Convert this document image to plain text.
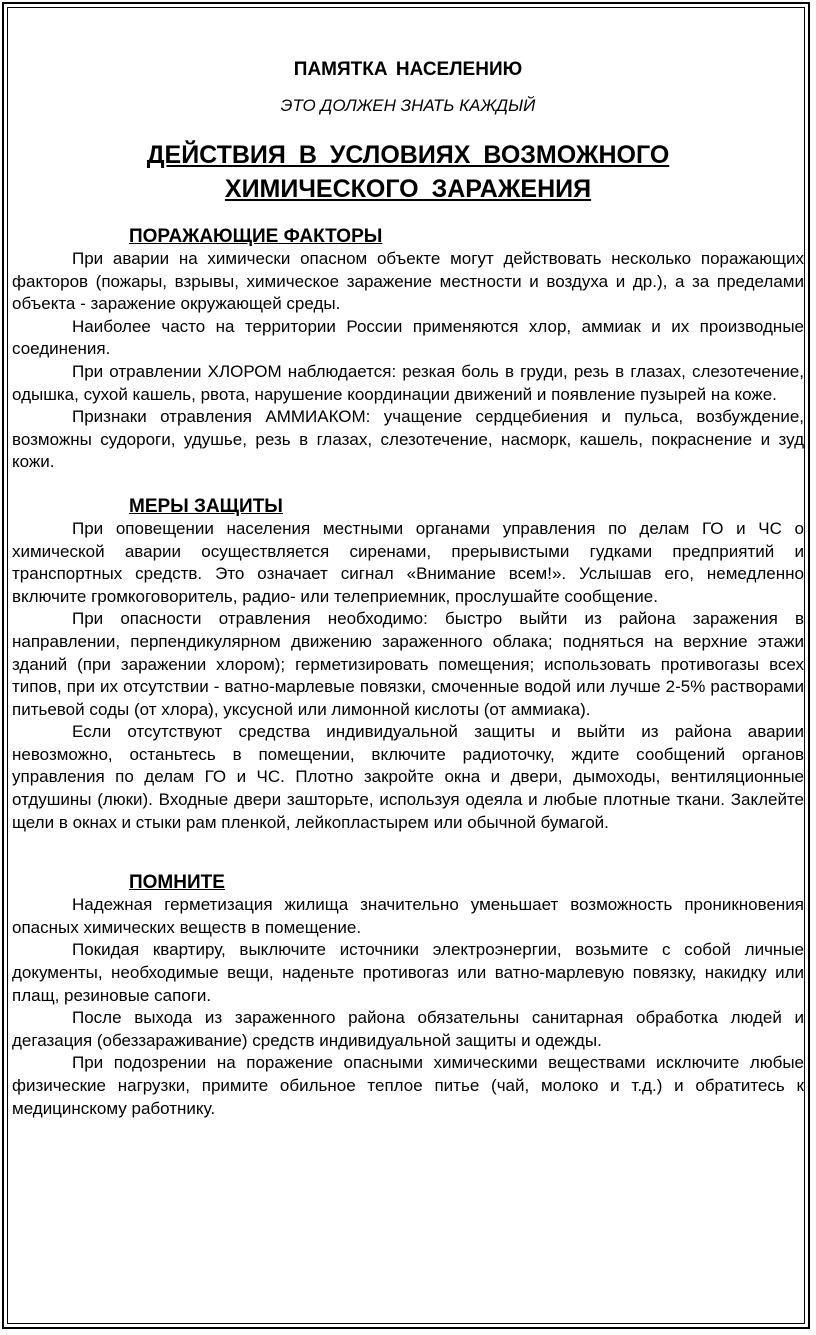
ПАМЯТКА НАСЕЛЕНИЮ
ЭТО ДОЛЖЕН ЗНАТЬ КАЖДЫЙ
ДЕЙСТВИЯ В УСЛОВИЯХ ВОЗМОЖНОГО
ХИМИЧЕСКОГО ЗАРАЖЕНИЯ
ПОРАЖАЮЩИЕ ФАКТОРЫ

При аварии на химически опасном объекте могут действовать несколько поражающих факторов (пожары, взрывы, химическое заражение местности и воздуха и др.), а за пределами объекта - заражение окружающей среды.

Наиболее часто на территории России применяются хлор, аммиак и их производные соединения.

При отравлении ХЛОРОМ наблюдается: резкая боль в груди, резь в глазах, слезотечение, одышка, сухой кашель, рвота, нарушение координации движений и появление пузырей на коже.

Признаки отравления АММИАКОМ: учащение сердцебиения и пульса, возбуждение, возможны судороги, удушье, резь в глазах, слезотечение, насморк, кашель, покраснение и зуд кожи.

МЕРЫ ЗАЩИТЫ

При оповещении населения местными органами управления по делам ГО и ЧС о химической аварии осуществляется сиренами, прерывистыми гудками предприятий и транспортных средств. Это означает сигнал «Внимание всем!». Услышав его, немедленно включите громкоговоритель, радио- или телеприемник, прослушайте сообщение.

При опасности отравления необходимо: быстро выйти из района заражения в направлении, перпендикулярном движению зараженного облака; подняться на верхние этажи зданий (при заражении хлором); герметизировать помещения; использовать противогазы всех типов, при их отсутствии - ватно-марлевые повязки, смоченные водой или лучше 2-5% растворами питьевой соды (от хлора), уксусной или лимонной кислоты (от аммиака).

Если отсутствуют средства индивидуальной защиты и выйти из района аварии невозможно, останьтесь в помещении, включите радиоточку, ждите сообщений органов управления по делам ГО и ЧС. Плотно закройте окна и двери, дымоходы, вентиляционные отдушины (люки). Входные двери зашторьте, используя одеяла и любые плотные ткани. Заклейте щели в окнах и стыки рам пленкой, лейкопластырем или обычной бумагой.

ПОМНИТЕ

Надежная герметизация жилища значительно уменьшает возможность проникновения опасных химических веществ в помещение.

Покидая квартиру, выключите источники электроэнергии, возьмите с собой личные документы, необходимые вещи, наденьте противогаз или ватно-марлевую повязку, накидку или плащ, резиновые сапоги.

После выхода из зараженного района обязательны санитарная обработка людей и дегазация (обеззараживание) средств индивидуальной защиты и одежды.

При подозрении на поражение опасными химическими веществами исключите любые физические нагрузки, примите обильное теплое питье (чай, молоко и т.д.) и обратитесь к медицинскому работнику.
